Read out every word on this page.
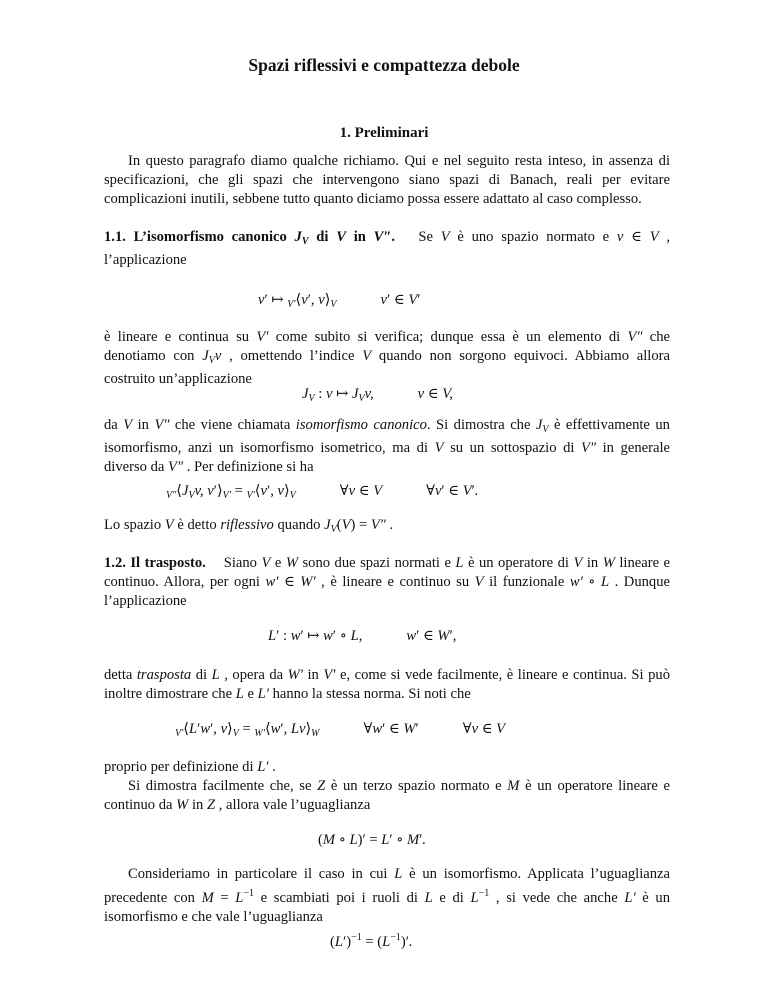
Spazi riflessivi e compattezza debole
1. Preliminari
In questo paragrafo diamo qualche richiamo. Qui e nel seguito resta inteso, in assenza di specificazioni, che gli spazi che intervengono siano spazi di Banach, reali per evitare complicazioni inutili, sebbene tutto quanto diciamo possa essere adattato al caso complesso.
1.1. L’isomorfismo canonico $J_V$ di V in V″.   Se V è uno spazio normato e v ∈ V , l’applicazione
v′ ↦ $_{V'}$⟨v′, $v⟩_V$	v′ ∈ V′
è lineare e continua su V′ come subito si verifica; dunque essa è un elemento di V″ che denotiamo con $J_Vv$ , omettendo l’indice V quando non sorgono equivoci. Abbiamo allora costruito un’applicazione
$J_V$ : v ↦ $J_Vv$,	v ∈ V,
da V in V″ che viene chiamata isomorfismo canonico. Si dimostra che $J_V$ è effettivamente un isomorfismo, anzi un isomorfismo isometrico, ma di V su un sottospazio di V″ in generale diverso da V″ . Per definizione si ha
$_{V''}⟨J_Vv$, $v'⟩_{V'}$ = $_{V'}$⟨v′, $v⟩_V$	∀v ∈ V	∀v′ ∈ V′.
Lo spazio V è detto riflessivo quando $J_V(V) = V''$ .
1.2. Il trasposto.    Siano V e W sono due spazi normati e L è un operatore di V in W lineare e continuo. Allora, per ogni w′ ∈ W′ , è lineare e continuo su V il funzionale w′ ∘ L . Dunque l’applicazione
L′ : w′ ↦ w′ ∘ L,	w′ ∈ W′,
detta trasposta di L , opera da W′ in V′ e, come si vede facilmente, è lineare e continua. Si può inoltre dimostrare che L e L′ hanno la stessa norma. Si noti che
$_{V'}$⟨L′w′, $v⟩_V$ = $_{W'}$⟨w′, $Lv⟩_W$	∀w′ ∈ W′	∀v ∈ V
proprio per definizione di L′ .
Si dimostra facilmente che, se Z è un terzo spazio normato e M è un operatore lineare e continuo da W in Z , allora vale l’uguaglianza
(M ∘ L)′ = L′ ∘ M′.
Consideriamo in particolare il caso in cui L è un isomorfismo. Applicata l’uguaglianza precedente con $M = L^{-1}$ e scambiati poi i ruoli di L e di $L^{-1}$ , si vede che anche L′ è un isomorfismo e che vale l’uguaglianza
$(L')^{-1} = (L^{-1})'$.
